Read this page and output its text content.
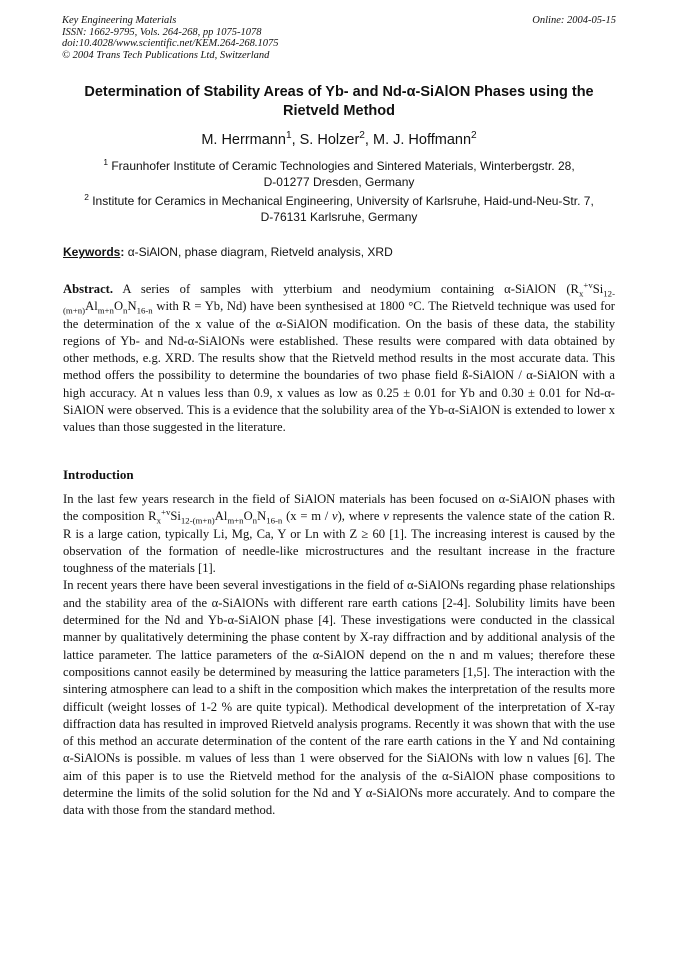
Key Engineering Materials
ISSN: 1662-9795, Vols. 264-268, pp 1075-1078
doi:10.4028/www.scientific.net/KEM.264-268.1075
© 2004 Trans Tech Publications Ltd, Switzerland
Online: 2004-05-15
Determination of Stability Areas of Yb- and Nd-α-SiAlON Phases using the Rietveld Method
M. Herrmann$^1$, S. Holzer$^2$, M. J. Hoffmann$^2$
$^1$ Fraunhofer Institute of Ceramic Technologies and Sintered Materials, Winterbergstr. 28,
D-01277 Dresden, Germany
$^2$ Institute for Ceramics in Mechanical Engineering, University of Karlsruhe, Haid-und-Neu-Str. 7,
D-76131 Karlsruhe, Germany
Keywords: α-SiAlON, phase diagram, Rietveld analysis, XRD
Abstract. A series of samples with ytterbium and neodymium containing α-SiAlON ($R_x^{+v}Si_{12-(m+n)}Al_{m+n}O_nN_{16-n}$ with R = Yb, Nd) have been synthesised at 1800 °C. The Rietveld technique was used for the determination of the x value of the α-SiAlON modification. On the basis of these data, the stability regions of Yb- and Nd-α-SiAlONs were established. These results were compared with data obtained by other methods, e.g. XRD. The results show that the Rietveld method results in the most accurate data. This method offers the possibility to determine the boundaries of two phase field ß-SiAlON / α-SiAlON with a high accuracy. At n values less than 0.9, x values as low as 0.25 ± 0.01 for Yb and 0.30 ± 0.01 for Nd-α-SiAlON were observed. This is a evidence that the solubility area of the Yb-α-SiAlON is extended to lower x values than those suggested in the literature.
Introduction

In the last few years research in the field of SiAlON materials has been focused on α-SiAlON phases with the composition $R_x^{+v}Si_{12-(m+n)}Al_{m+n}O_nN_{16-n}$ (x = m / v), where v represents the valence state of the cation R. R is a large cation, typically Li, Mg, Ca, Y or Ln with Z ≥ 60 [1]. The increasing interest is caused by the observation of the formation of needle-like microstructures and the resultant increase in the fracture toughness of the materials [1].

In recent years there have been several investigations in the field of α-SiAlONs regarding phase relationships and the stability area of the α-SiAlONs with different rare earth cations [2-4]. Solubility limits have been determined for the Nd and Yb-α-SiAlON phase [4]. These investigations were conducted in the classical manner by qualitatively determining the phase content by X-ray diffraction and by additional analysis of the lattice parameter. The lattice parameters of the α-SiAlON depend on the n and m values; therefore these compositions cannot easily be determined by measuring the lattice parameters [1,5]. The interaction with the sintering atmosphere can lead to a shift in the composition which makes the interpretation of the results more difficult (weight losses of 1-2 % are quite typical). Methodical development of the interpretation of X-ray diffraction data has resulted in improved Rietveld analysis programs. Recently it was shown that with the use of this method an accurate determination of the content of the rare earth cations in the Y and Nd containing α-SiAlONs is possible. m values of less than 1 were observed for the SiAlONs with low n values [6]. The aim of this paper is to use the Rietveld method for the analysis of the α-SiAlON phase compositions to determine the limits of the solid solution for the Nd and Y α-SiAlONs more accurately. And to compare the data with those from the standard method.
